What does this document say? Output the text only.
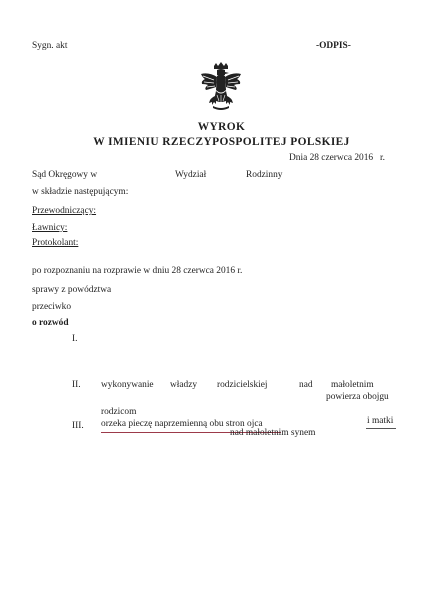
Sygn. akt	-ODPIS-
WYROK
W IMIENIU RZECZYPOSPOLITEJ POLSKIEJ
Dnia 28 czerwca 2016 r.
Sąd Okręgowy w	Wydział	Rodzinny
w składzie następującym:
Przewodniczący:
Ławnicy:
Protokolant:
po rozpoznaniu na rozprawie w dniu 28 czerwca 2016 r.
sprawy z powództwa
przeciwko
o rozwód
I.
II. wykonywanie władzy rodzicielskiej	nad małoletnim
powierza obojgu
rodzicom
III. orzeka pieczę naprzemienną obu stron ojca	i matki
nad małoletnim synem
